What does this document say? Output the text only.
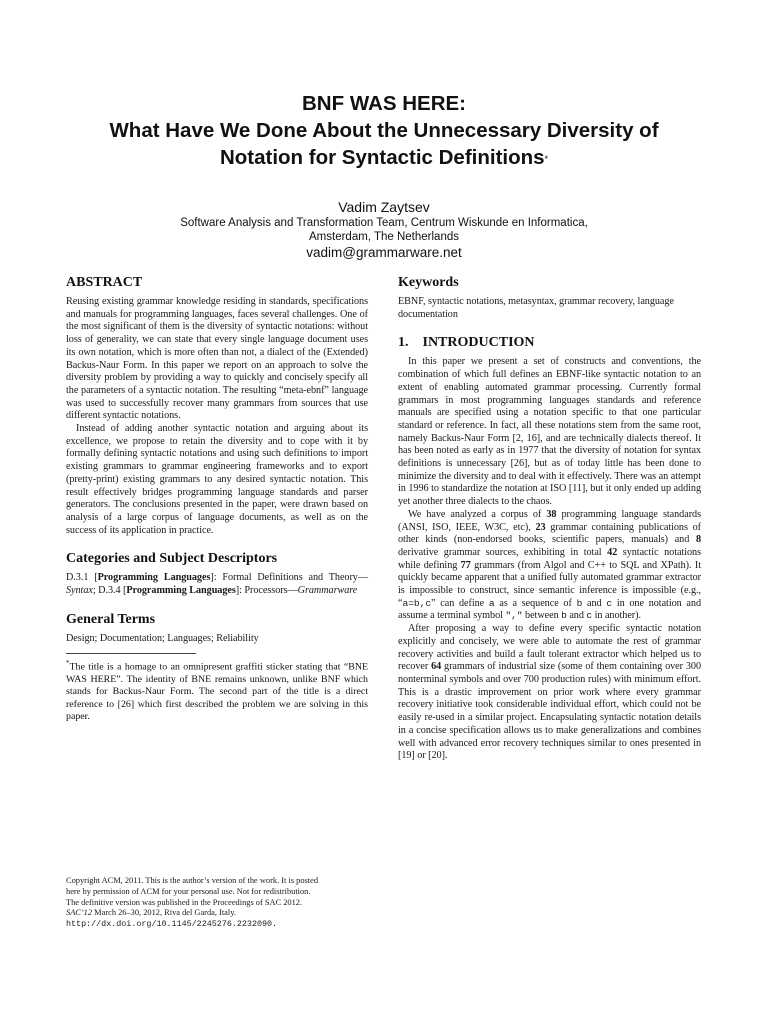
BNF WAS HERE:
What Have We Done About the Unnecessary Diversity of
Notation for Syntactic Definitions*
Vadim Zaytsev
Software Analysis and Transformation Team, Centrum Wiskunde en Informatica,
Amsterdam, The Netherlands
vadim@grammarware.net
ABSTRACT

Reusing existing grammar knowledge residing in standards, specifications and manuals for programming languages, faces several challenges. One of the most significant of them is the diversity of syntactic notations: without loss of generality, we can state that every single language document uses its own notation, which is more often than not, a dialect of the (Extended) Backus-Naur Form. In this paper we report on an approach to solve the diversity problem by providing a way to quickly and concisely specify all the parameters of a syntactic notation. The resulting “meta-ebnf” language was used to successfully recover many grammars from sources that use different syntactic notations.

Instead of adding another syntactic notation and arguing about its excellence, we propose to retain the diversity and to cope with it by formally defining syntactic notations and using such definitions to import existing grammars to grammar engineering frameworks and to export (pretty-print) existing grammars to any desired syntactic notation. This result effectively bridges programming language standards and parser generators. The conclusions presented in the paper, were drawn based on analysis of a large corpus of language documents, as well as on the success of its application in practice.

Categories and Subject Descriptors

D.3.1 [Programming Languages]: Formal Definitions and Theory—Syntax; D.3.4 [Programming Languages]: Processors—Grammarware

General Terms

Design; Documentation; Languages; Reliability

*The title is a homage to an omnipresent graffiti sticker stating that “BNE WAS HERE”. The identity of BNE remains unknown, unlike BNF which stands for Backus-Naur Form. The second part of the title is a direct reference to [26] which first described the problem we are solving in this paper.

Copyright ACM, 2011. This is the author’s version of the work. It is posted
here by permission of ACM for your personal use. Not for redistribution.
The definitive version was published in the Proceedings of SAC 2012.
SAC’12 March 26–30, 2012, Riva del Garda, Italy.
http://dx.doi.org/10.1145/2245276.2232090.
Keywords

EBNF, syntactic notations, metasyntax, grammar recovery, language documentation

1.    INTRODUCTION

In this paper we present a set of constructs and conventions, the combination of which full defines an EBNF-like syntactic notation to an extent of enabling automated grammar processing. Currently formal grammars in most programming languages standards and reference manuals are specified using a notation specific to that one particular standard or reference. In fact, all these notations stem from the same root, namely Backus-Naur Form [2, 16], and are technically dialects thereof. It has been noted as early as in 1977 that the diversity of notation for syntax definitions is unnecessary [26], but as of today little has been done to minimize the diversity and to deal with it effectively. There was an attempt in 1996 to standardize the notation at ISO [11], but it only ended up adding yet another three dialects to the chaos.

We have analyzed a corpus of 38 programming language standards (ANSI, ISO, IEEE, W3C, etc), 23 grammar containing publications of other kinds (non-endorsed books, scientific papers, manuals) and 8 derivative grammar sources, exhibiting in total 42 syntactic notations while defining 77 grammars (from Algol and C++ to SQL and XPath). It quickly became apparent that a unified fully automated grammar extractor is impossible to construct, since semantic inference is impossible (e.g., “a=b,c” can define a as a sequence of b and c in one notation and assume a terminal symbol "," between b and c in another).

After proposing a way to define every specific syntactic notation explicitly and concisely, we were able to automate the rest of grammar recovery activities and build a fault tolerant extractor which helped us to recover 64 grammars of industrial size (some of them containing over 300 nonterminal symbols and over 700 production rules) with minimum effort. This is a drastic improvement on prior work where every grammar recovery initiative took considerable individual effort, which could not be easily re-used in a similar project. Encapsulating syntactic notation details in a concise specification allows us to make generalizations and combines well with advanced error recovery techniques similar to ones presented in [19] or [20].
